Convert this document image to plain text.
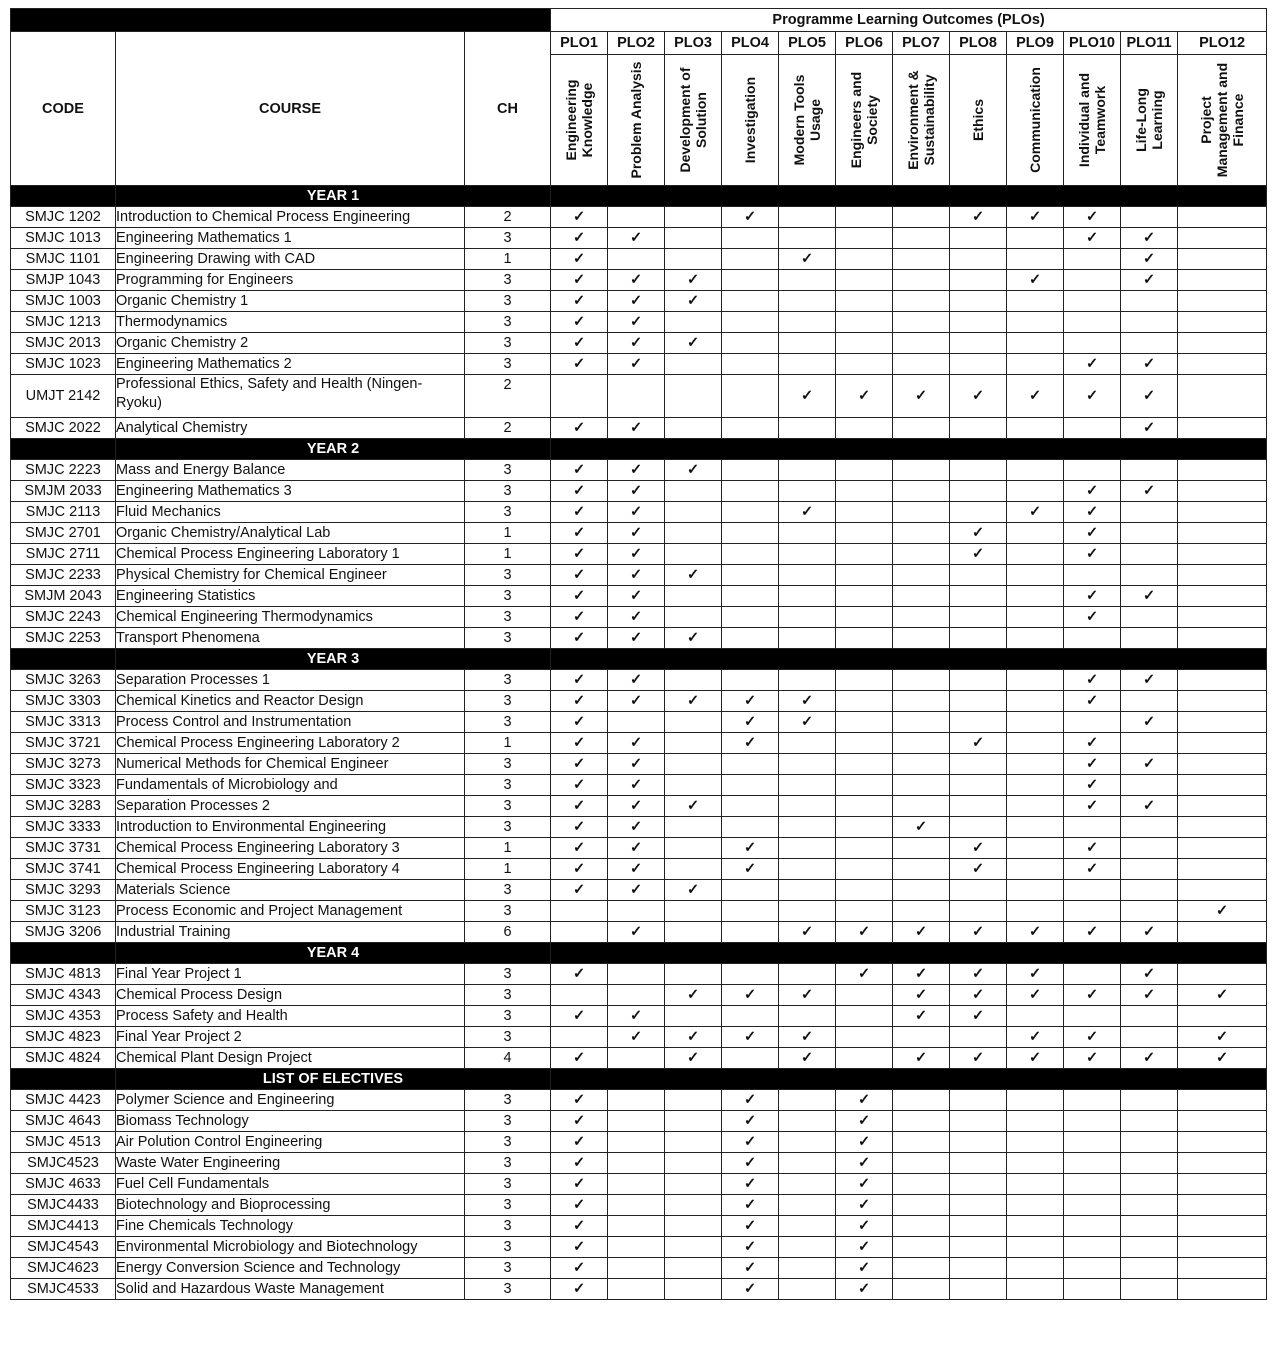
			Programme Learning Outcomes (PLOs)											
CODE	COURSE	CH	PLO1	PLO2	PLO3	PLO4	PLO5	PLO6	PLO7	PLO8	PLO9	PLO10	PLO11	PLO12

			Engineering Knowledge	Problem Analysis	Development of Solution	Investigation	Modern Tools Usage	Engineers and Society	Environment & Sustainability	Ethics	Communication	Individual and Teamwork	Life-Long Learning	Project Management and Finance

	YEAR 1													
SMJC 1202	Introduction to Chemical Process Engineering	2	✓			✓				✓	✓	✓		
SMJC 1013	Engineering Mathematics 1	3	✓	✓								✓	✓	
SMJC 1101	Engineering Drawing with CAD	1	✓				✓						✓	
SMJP 1043	Programming for Engineers	3	✓	✓	✓						✓		✓	
SMJC 1003	Organic Chemistry 1	3	✓	✓	✓									
SMJC 1213	Thermodynamics	3	✓	✓										
SMJC 2013	Organic Chemistry 2	3	✓	✓	✓									
SMJC 1023	Engineering Mathematics 2	3	✓	✓								✓	✓	
UMJT 2142	Professional Ethics, Safety and Health (Ningen-Ryoku)	2					✓	✓	✓	✓	✓	✓	✓	
SMJC 2022	Analytical Chemistry	2	✓	✓									✓	
	YEAR 2													
SMJC 2223	Mass and Energy Balance	3	✓	✓	✓									
SMJM 2033	Engineering Mathematics 3	3	✓	✓								✓	✓	
SMJC 2113	Fluid Mechanics	3	✓	✓			✓				✓	✓		
SMJC 2701	Organic Chemistry/Analytical Lab	1	✓	✓						✓		✓		
SMJC 2711	Chemical Process Engineering Laboratory 1	1	✓	✓						✓		✓		
SMJC 2233	Physical Chemistry for Chemical Engineer	3	✓	✓	✓									
SMJM 2043	Engineering Statistics	3	✓	✓								✓	✓	
SMJC 2243	Chemical Engineering Thermodynamics	3	✓	✓								✓		
SMJC 2253	Transport Phenomena	3	✓	✓	✓									
	YEAR 3													
SMJC 3263	Separation Processes 1	3	✓	✓								✓	✓	
SMJC 3303	Chemical Kinetics and Reactor Design	3	✓	✓	✓	✓	✓					✓		
SMJC 3313	Process Control and Instrumentation	3	✓			✓	✓						✓	
SMJC 3721	Chemical Process Engineering Laboratory 2	1	✓	✓		✓				✓		✓		
SMJC 3273	Numerical Methods for Chemical Engineer	3	✓	✓								✓	✓	
SMJC 3323	Fundamentals of Microbiology and	3	✓	✓								✓		
SMJC 3283	Separation Processes 2	3	✓	✓	✓							✓	✓	
SMJC 3333	Introduction to Environmental Engineering	3	✓	✓					✓					
SMJC 3731	Chemical Process Engineering Laboratory 3	1	✓	✓		✓				✓		✓		
SMJC 3741	Chemical Process Engineering Laboratory 4	1	✓	✓		✓				✓		✓		
SMJC 3293	Materials Science	3	✓	✓	✓									
SMJC 3123	Process Economic and Project Management	3												✓
SMJG 3206	Industrial Training	6		✓			✓	✓	✓	✓	✓	✓	✓	
	YEAR 4													
SMJC 4813	Final Year Project 1	3	✓					✓	✓	✓	✓		✓	
SMJC 4343	Chemical Process Design	3			✓	✓	✓		✓	✓	✓	✓	✓	✓
SMJC 4353	Process Safety and Health	3	✓	✓					✓	✓				
SMJC 4823	Final Year Project 2	3		✓	✓	✓	✓				✓	✓		✓
SMJC 4824	Chemical Plant Design Project	4	✓		✓		✓		✓	✓	✓	✓	✓	✓
	LIST OF ELECTIVES													
SMJC 4423	Polymer Science and Engineering	3	✓			✓		✓						
SMJC 4643	Biomass Technology	3	✓			✓		✓						
SMJC 4513	Air Polution Control Engineering	3	✓			✓		✓						
SMJC4523	Waste Water Engineering	3	✓			✓		✓						
SMJC 4633	Fuel Cell Fundamentals	3	✓			✓		✓						
SMJC4433	Biotechnology and Bioprocessing	3	✓			✓		✓						
SMJC4413	Fine Chemicals Technology	3	✓			✓		✓						
SMJC4543	Environmental Microbiology and Biotechnology	3	✓			✓		✓						
SMJC4623	Energy Conversion Science and Technology	3	✓			✓		✓						
SMJC4533	Solid and Hazardous Waste Management	3	✓			✓		✓						
